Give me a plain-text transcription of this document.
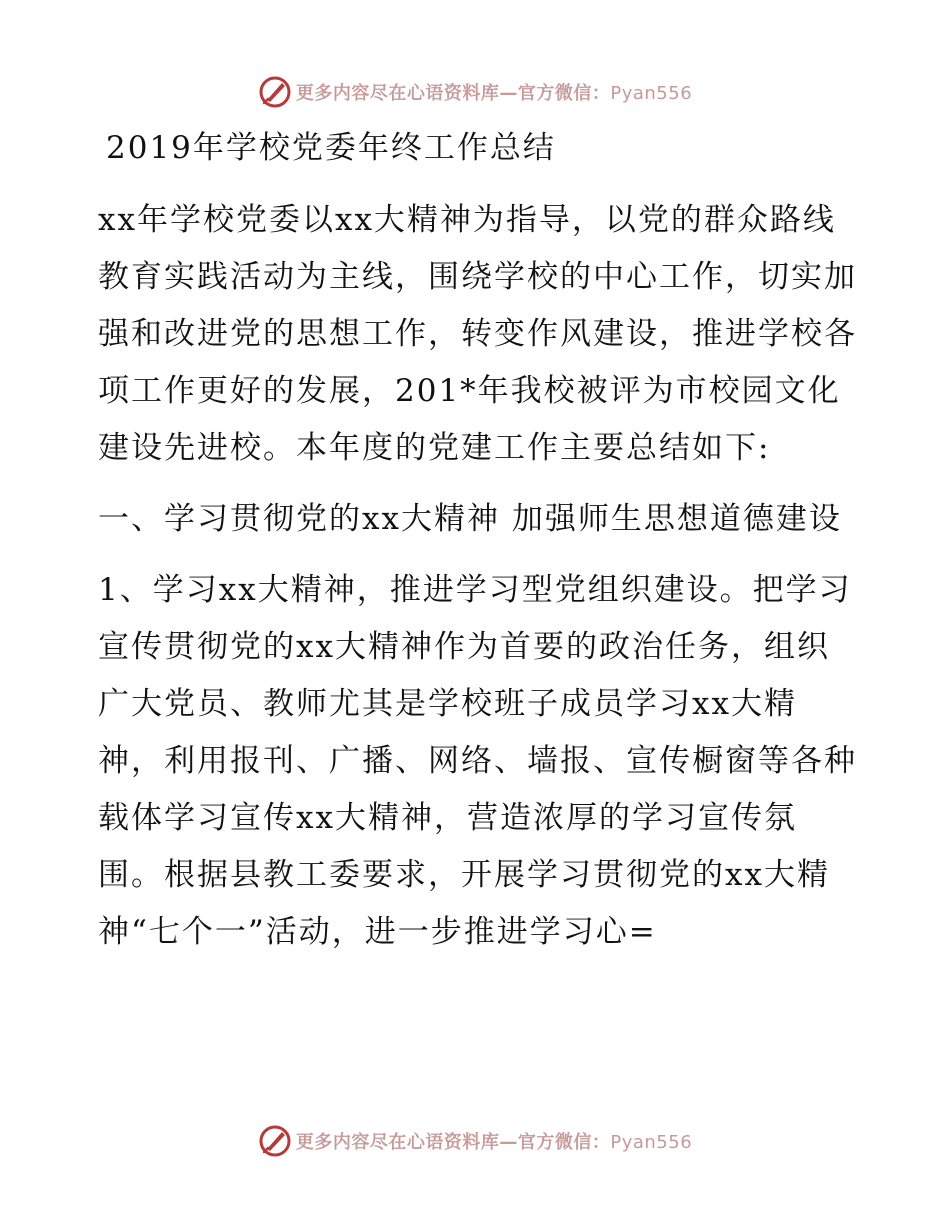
更多内容尽在心语资料库—官方微信：Pyan556

2019年学校党委年终工作总结

xx年学校党委以xx大精神为指导，以党的群众路线教育实践活动为主线，围绕学校的中心工作，切实加强和改进党的思想工作，转变作风建设，推进学校各项工作更好的发展，201*年我校被评为市校园文化建设先进校。本年度的党建工作主要总结如下:

一、学习贯彻党的xx大精神 加强师生思想道德建设

1、学习xx大精神，推进学习型党组织建设。把学习宣传贯彻党的xx大精神作为首要的政治任务，组织广大党员、教师尤其是学校班子成员学习xx大精神，利用报刊、广播、网络、墙报、宣传橱窗等各种载体学习宣传xx大精神，营造浓厚的学习宣传氛围。根据县教工委要求，开展学习贯彻党的xx大精神“七个一”活动，进一步推进学习心=

更多内容尽在心语资料库—官方微信：Pyan556
